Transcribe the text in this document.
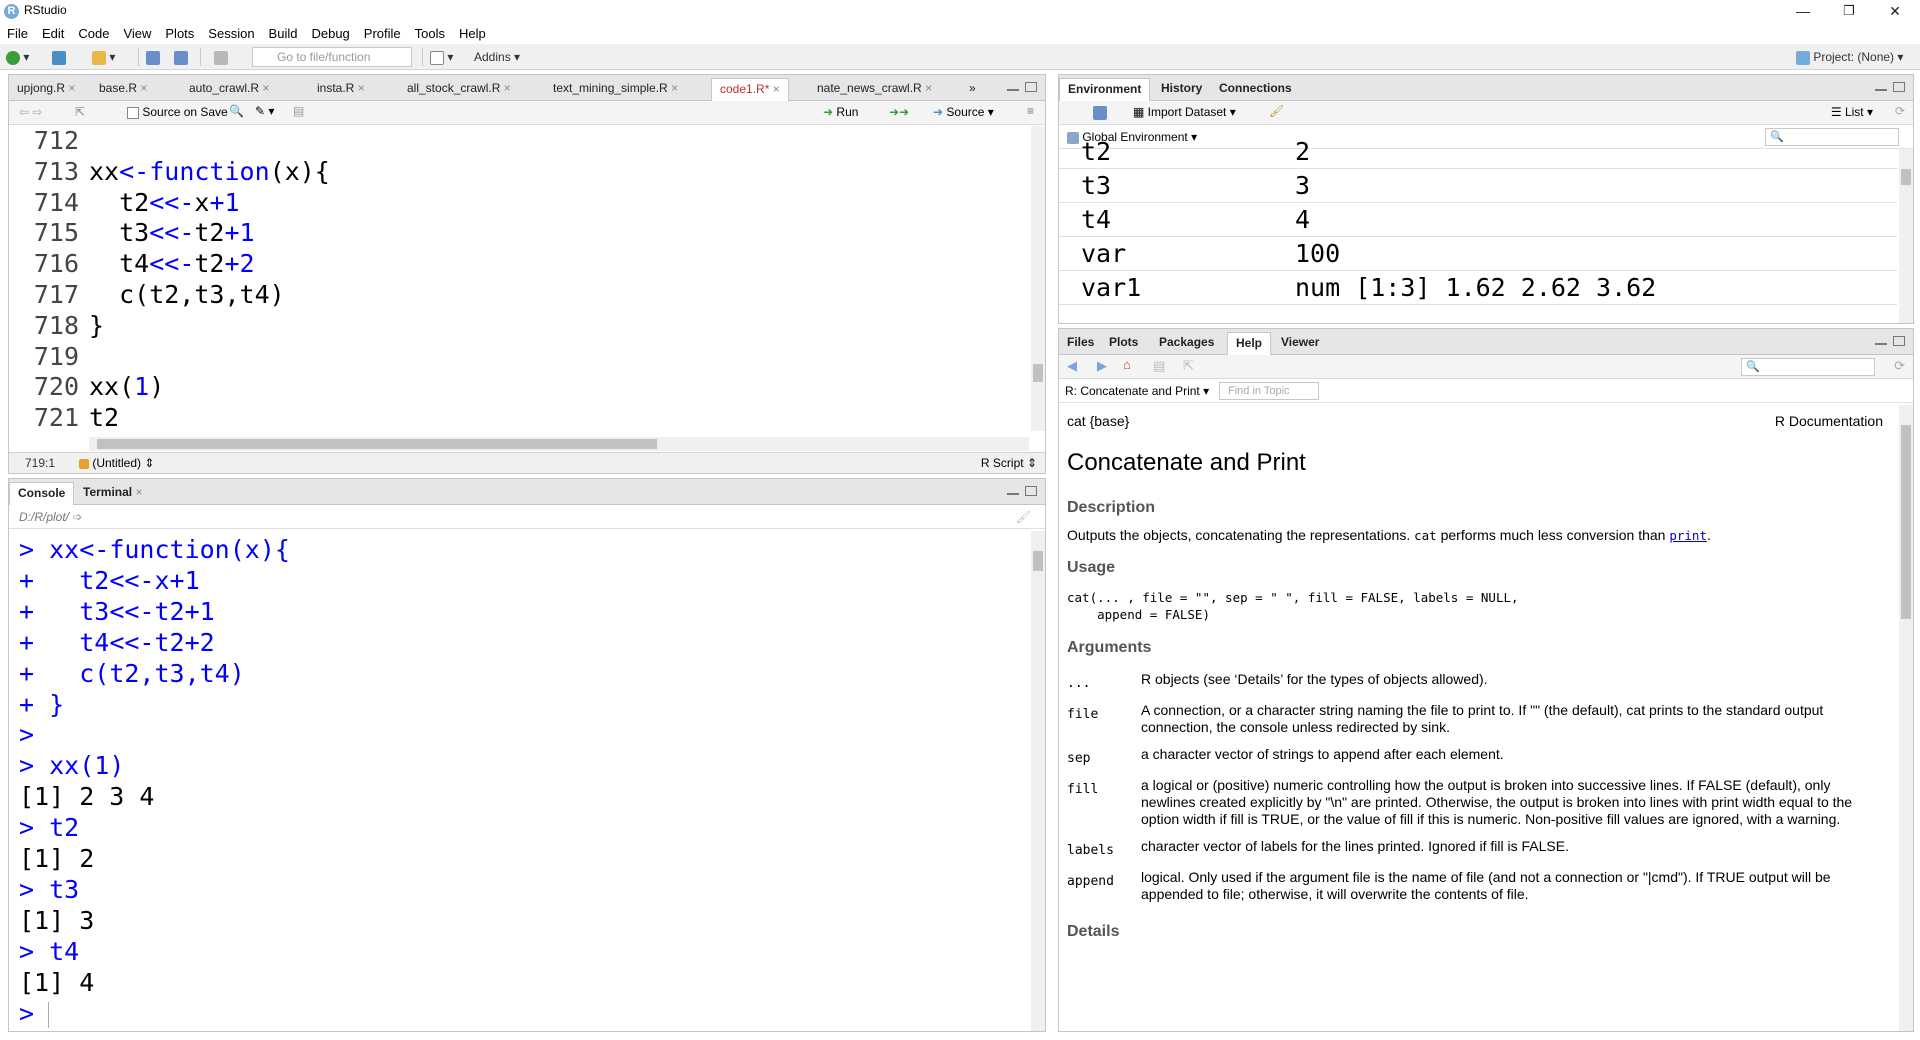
R RStudio	—	❐	✕
File Edit Code View Plots Session Build Debug Profile Tools Help
▾	▾	Go to file/function	▾ Addins ▾	Project: (None) ▾
upjong.R ×	base.R ×	auto_crawl.R ×	insta.R ×	all_stock_crawl.R ×	text_mining_simple.R ×	code1.R* ×	nate_news_crawl.R ×	»
⇦ ⇨	⇱	Source on Save 🔍 ✎ ▾ ▤	➜ Run	➜➜ ➜ Source ▾	≡
712
713 xx<-function(x){
714  t2<<-x+1
715  t3<<-t2+1
716  t4<<-t2+2
717  c(t2,t3,t4)
718 }
719
720 xx(1)
721 t2
719:1	(Untitled) ⇕	R Script ⇕
Console	Terminal ×
D:/R/plot/ ➩	🖌
> xx<-function(x){
+   t2<<-x+1
+   t3<<-t2+1
+   t4<<-t2+2
+   c(t2,t3,t4)
+ }
>
> xx(1)
[1] 2 3 4
> t2
[1] 2
> t3
[1] 3
> t4
[1] 4
>
Environment	History	Connections
▦ Import Dataset ▾	🖌	☰ List ▾ ⟳
Global Environment ▾	🔍
t2	2
t3	3
t4	4
var	100
var1	num [1:3] 1.62 2.62 3.62
Files	Plots	Packages	Help	Viewer
◀ ▶ ⌂ ▤ ⇱	🔍	⟳
R: Concatenate and Print ▾	Find in Topic
cat {base}	R Documentation
Concatenate and Print
Description

Outputs the objects, concatenating the representations. cat performs much less conversion than print.

Usage
cat(... , file = "", sep = " ", fill = FALSE, labels = NULL,
append = FALSE)
Arguments
...	R objects (see ‘Details’ for the types of objects allowed).
file	A connection, or a character string naming the file to print to. If "" (the default), cat prints to the standard output connection, the console unless redirected by sink.
sep	a character vector of strings to append after each element.
fill	a logical or (positive) numeric controlling how the output is broken into successive lines. If FALSE (default), only newlines created explicitly by "\n" are printed. Otherwise, the output is broken into lines with print width equal to the option width if fill is TRUE, or the value of fill if this is numeric. Non-positive fill values are ignored, with a warning.
labels	character vector of labels for the lines printed. Ignored if fill is FALSE.
append	logical. Only used if the argument file is the name of file (and not a connection or "|cmd"). If TRUE output will be appended to file; otherwise, it will overwrite the contents of file.
Details
